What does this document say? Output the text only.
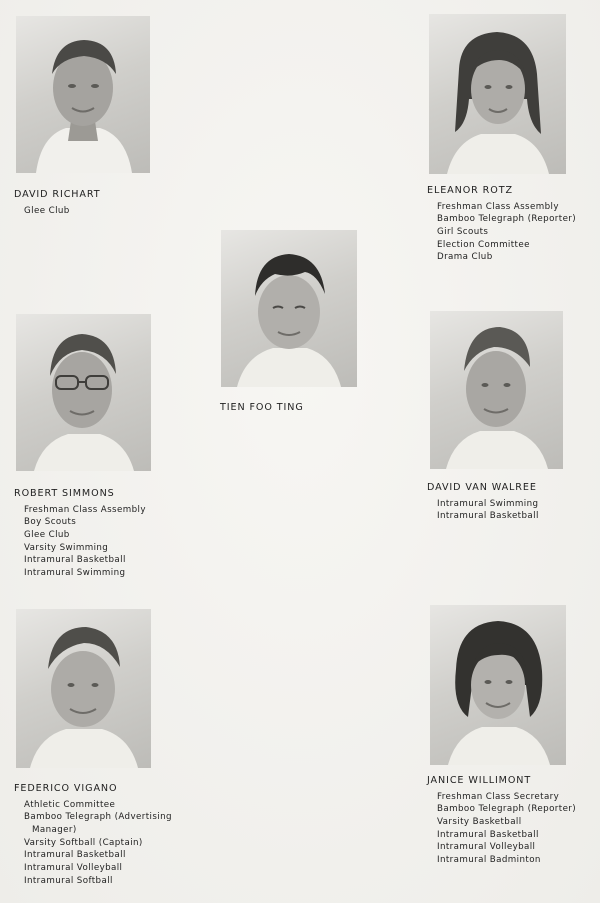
DAVID RICHART

Glee Club

ELEANOR ROTZ

Freshman Class Assembly
Bamboo Telegraph (Reporter)
Girl Scouts
Election Committee
Drama Club

TIEN FOO TING

ROBERT SIMMONS

Freshman Class Assembly
Boy Scouts
Glee Club
Varsity Swimming
Intramural Basketball
Intramural Swimming

DAVID VAN WALREE

Intramural Swimming
Intramural Basketball

FEDERICO VIGANO

Athletic Committee
Bamboo Telegraph (Advertising
Manager)
Varsity Softball (Captain)
Intramural Basketball
Intramural Volleyball
Intramural Softball

JANICE WILLIMONT

Freshman Class Secretary
Bamboo Telegraph (Reporter)
Varsity Basketball
Intramural Basketball
Intramural Volleyball
Intramural Badminton
